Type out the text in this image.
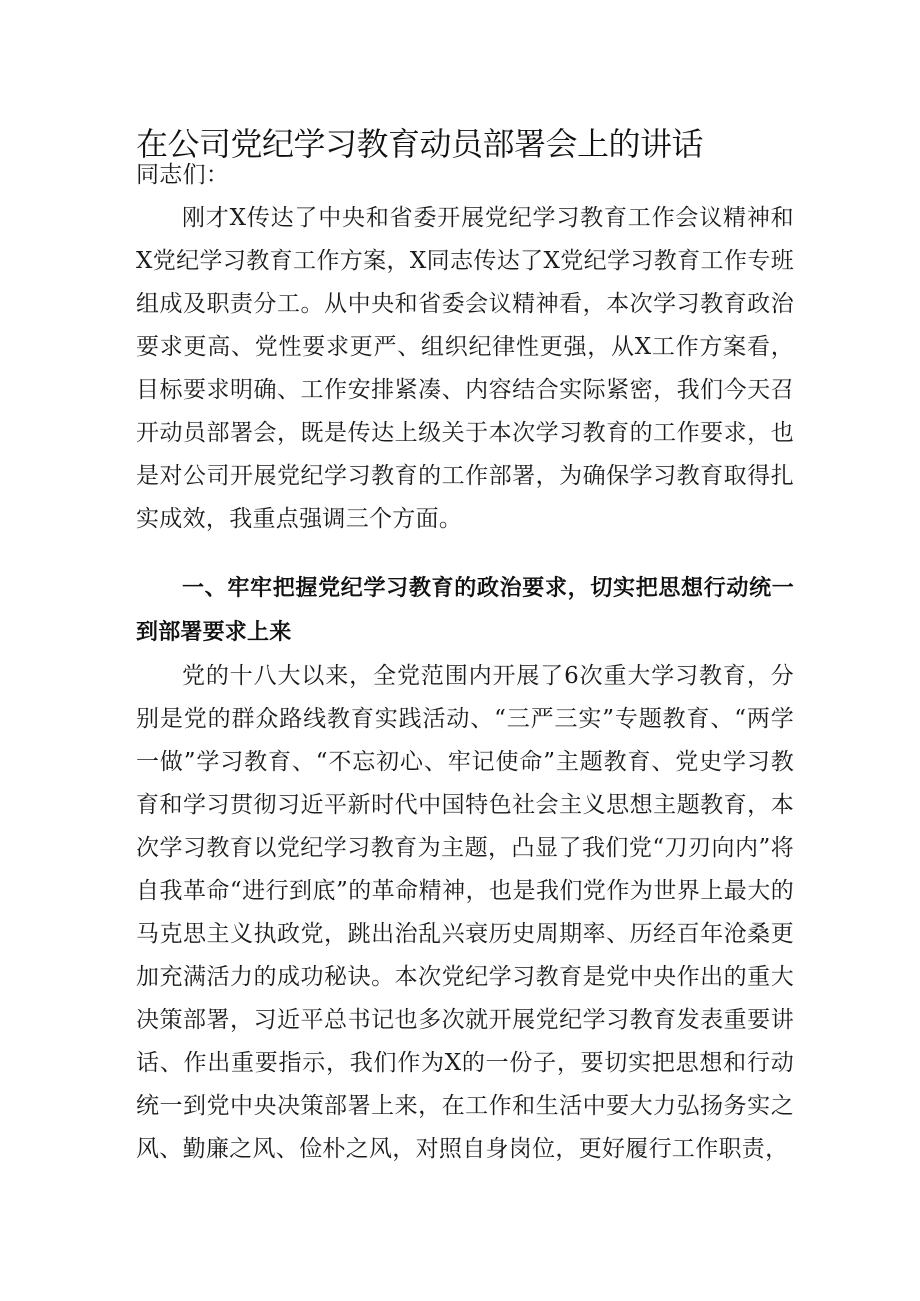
在公司党纪学习教育动员部署会上的讲话

同志们：

刚才X传达了中央和省委开展党纪学习教育工作会议精神和X党纪学习教育工作方案，X同志传达了X党纪学习教育工作专班组成及职责分工。从中央和省委会议精神看，本次学习教育政治要求更高、党性要求更严、组织纪律性更强，从X工作方案看，目标要求明确、工作安排紧凑、内容结合实际紧密，我们今天召开动员部署会，既是传达上级关于本次学习教育的工作要求，也是对公司开展党纪学习教育的工作部署，为确保学习教育取得扎实成效，我重点强调三个方面。

一、牢牢把握党纪学习教育的政治要求，切实把思想行动统一到部署要求上来

党的十八大以来，全党范围内开展了6次重大学习教育，分别是党的群众路线教育实践活动、“三严三实”专题教育、“两学一做”学习教育、“不忘初心、牢记使命”主题教育、党史学习教育和学习贯彻习近平新时代中国特色社会主义思想主题教育，本次学习教育以党纪学习教育为主题，凸显了我们党“刀刃向内”将自我革命“进行到底”的革命精神，也是我们党作为世界上最大的马克思主义执政党，跳出治乱兴衰历史周期率、历经百年沧桑更加充满活力的成功秘诀。本次党纪学习教育是党中央作出的重大决策部署，习近平总书记也多次就开展党纪学习教育发表重要讲话、作出重要指示，我们作为X的一份子，要切实把思想和行动统一到党中央决策部署上来，在工作和生活中要大力弘扬务实之风、勤廉之风、俭朴之风，对照自身岗位，更好履行工作职责，
